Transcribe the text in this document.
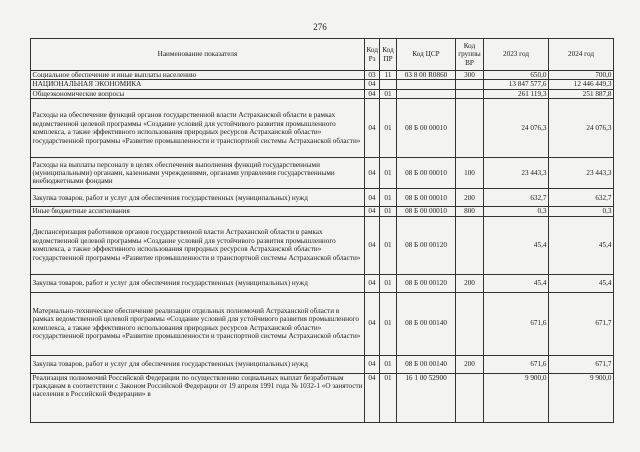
276
Наименование показателя	Код Рз	Код ПР	Код ЦСР	Код группы ВР	2023 год	2024 год
Социальное обеспечение и иные выплаты населению	03	11	03 8 00 R0860	300	650,0	700,0
НАЦИОНАЛЬНАЯ ЭКОНОМИКА	04				13 847 577,6	12 446 449,3
Общеэкономические вопросы	04	01			261 119,3	251 887,8
Расходы на обеспечение функций органов государственной власти Астраханской области в рамках ведомственной целевой программы «Создание условий для устойчивого развития промышленного комплекса, а также эффективного использования природных ресурсов Астраханской области» государственной программы «Развитие промышленности и транспортной системы Астраханской области»	04	01	08 Б 00 00010		24 076,3	24 076,3
Расходы на выплаты персоналу в целях обеспечения выполнения функций государственными (муниципальными) органами, казенными учреждениями, органами управления государственными внебюджетными фондами	04	01	08 Б 00 00010	100	23 443,3	23 443,3
Закупка товаров, работ и услуг для обеспечения государственных (муниципальных) нужд	04	01	08 Б 00 00010	200	632,7	632,7
Иные бюджетные ассигнования	04	01	08 Б 00 00010	800	0,3	0,3
Диспансеризация работников органов государственной власти Астраханской области в рамках ведомственной целевой программы «Создание условий для устойчивого развития промышленного комплекса, а также эффективного использования природных ресурсов Астраханской области» государственной программы «Развитие промышленности и транспортной системы Астраханской области»	04	01	08 Б 00 00120		45,4	45,4
Закупка товаров, работ и услуг для обеспечения государственных (муниципальных) нужд	04	01	08 Б 00 00120	200	45,4	45,4
Материально-техническое обеспечение реализации отдельных полномочий Астраханской области в рамках ведомственной целевой программы «Создание условий для устойчивого развития промышленного комплекса, а также эффективного использования природных ресурсов Астраханской области» государственной программы «Развитие промышленности и транспортной системы Астраханской области»	04	01	08 Б 00 00140		671,6	671,7
Закупка товаров, работ и услуг для обеспечения государственных (муниципальных) нужд	04	01	08 Б 00 00140	200	671,6	671,7
Реализация полномочий Российской Федерации по осуществлению социальных выплат безработным гражданам в соответствии с Законом Российской Федерации от 19 апреля 1991 года № 1032-1 «О занятости населения в Российской Федерации» в	04	01	16 1 00 52900		9 900,0	9 900,0
